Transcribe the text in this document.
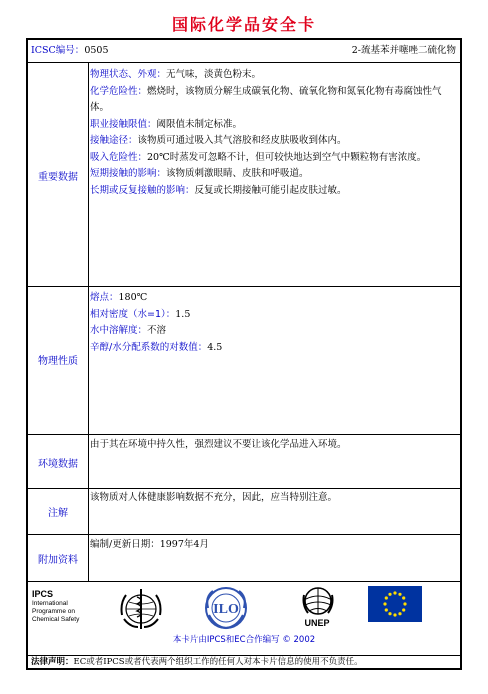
国际化学品安全卡
ICSC编号：0505	2-巯基苯并噻唑二硫化物
重要数据

物理状态、外观：无气味，淡黄色粉末。

化学危险性：燃烧时，该物质分解生成碳氧化物、硫氧化物和氮氧化物有毒腐蚀性气体。

职业接触限值：阈限值未制定标准。

接触途径：该物质可通过吸入其气溶胶和经皮肤吸收到体内。

吸入危险性：20℃时蒸发可忽略不计，但可较快地达到空气中颗粒物有害浓度。

短期接触的影响：该物质刺激眼睛、皮肤和呼吸道。

长期或反复接触的影响：反复或长期接触可能引起皮肤过敏。

物理性质

熔点：180℃

相对密度（水=1）：1.5

水中溶解度：不溶

辛醇/水分配系数的对数值：4.5

环境数据

由于其在环境中持久性，强烈建议不要让该化学品进入环境。

注解

该物质对人体健康影响数据不充分，因此，应当特别注意。

附加资料

编制/更新日期：1997年4月

IPCS
International
Programme on
Chemical Safety
ILO
UNEP
本卡片由IPCS和EC合作编写 © 2002
法律声明：EC或者IPCS或者代表两个组织工作的任何人对本卡片信息的使用不负责任。
